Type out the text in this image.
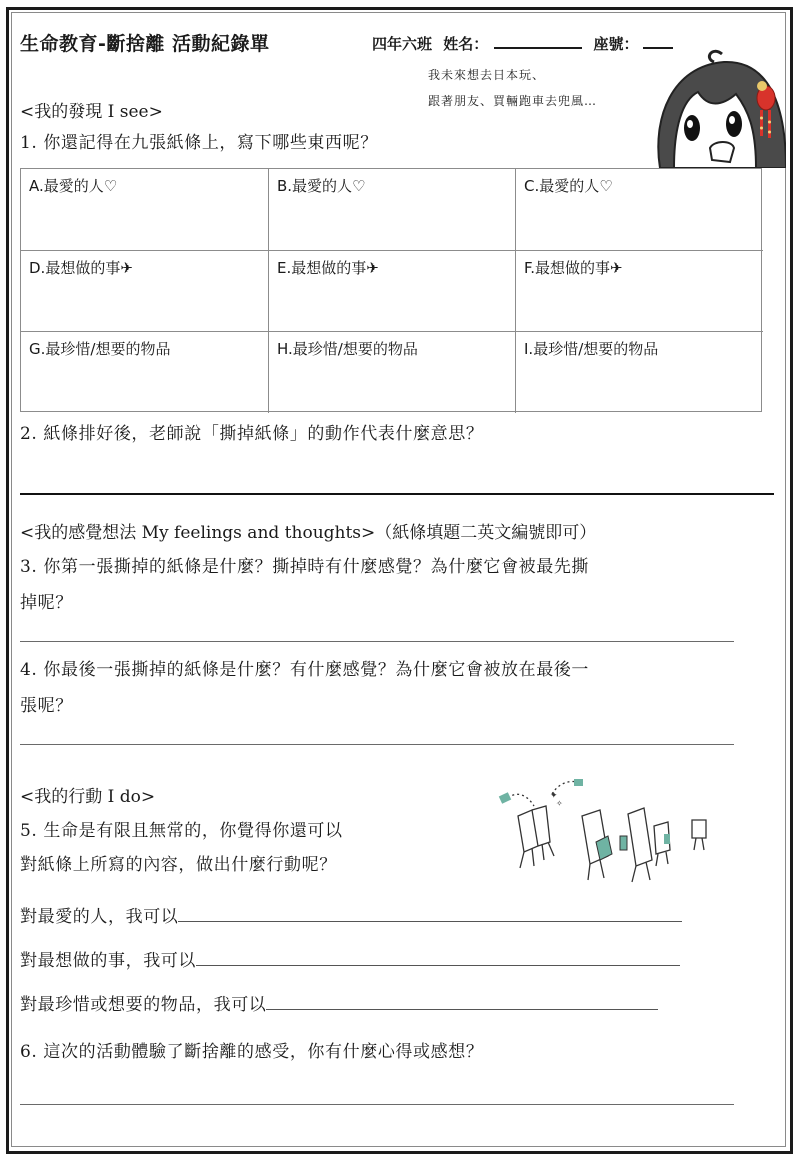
生命教育-斷捨離 活動紀錄單	四年六班 姓名：	座號：
我未來想去日本玩、
跟著朋友、買輛跑車去兜風…
<我的發現 I see>
1. 你還記得在九張紙條上，寫下哪些東西呢？
A.最愛的人♡	B.最愛的人♡	C.最愛的人♡
D.最想做的事✈	E.最想做的事✈	F.最想做的事✈
G.最珍惜/想要的物品	H.最珍惜/想要的物品	I.最珍惜/想要的物品
2. 紙條排好後，老師說「撕掉紙條」的動作代表什麼意思？
<我的感覺想法 My feelings and thoughts>（紙條填題二英文編號即可）
3. 你第一張撕掉的紙條是什麼？撕掉時有什麼感覺？為什麼它會被最先撕
掉呢？
4. 你最後一張撕掉的紙條是什麼？有什麼感覺？為什麼它會被放在最後一
張呢？
<我的行動 I do>
5. 生命是有限且無常的，你覺得你還可以
對紙條上所寫的內容，做出什麼行動呢？
✦
✧
對最愛的人，我可以
對最想做的事，我可以
對最珍惜或想要的物品，我可以
6. 這次的活動體驗了斷捨離的感受，你有什麼心得或感想？
